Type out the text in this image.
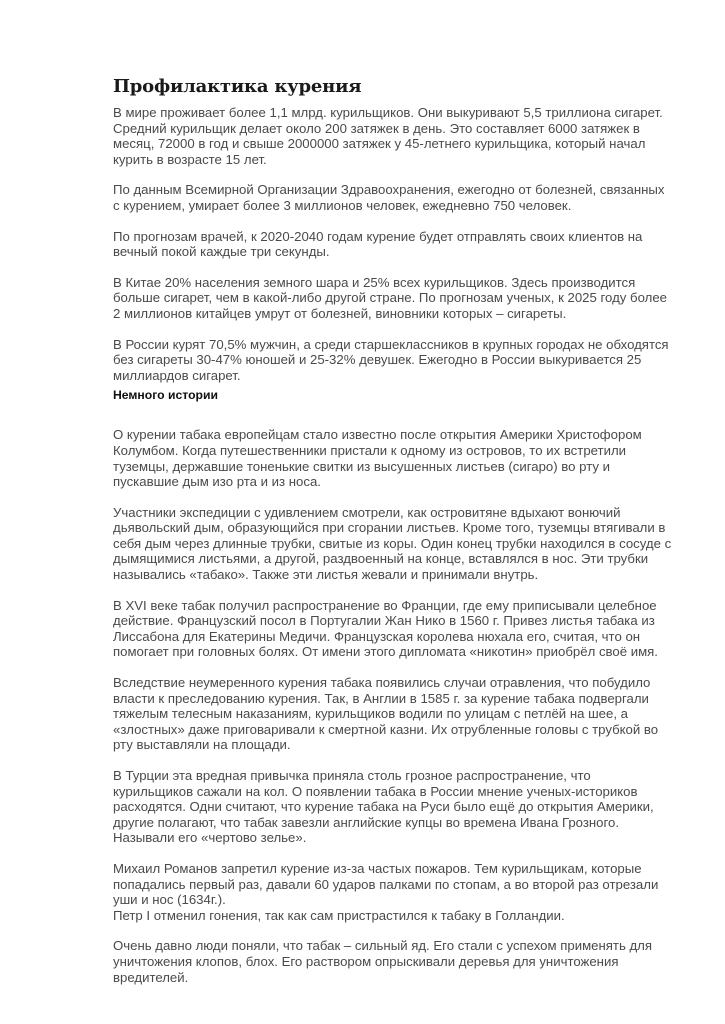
Профилактика курения

В мире проживает более 1,1 млрд. курильщиков. Они выкуривают 5,5 триллиона сигарет. Средний курильщик делает около 200 затяжек в день. Это составляет 6000 затяжек в месяц, 72000 в год и свыше 2000000 затяжек у 45-летнего курильщика, который начал курить в возрасте 15 лет.

По данным Всемирной Организации Здравоохранения, ежегодно от болезней, связанных с курением, умирает более 3 миллионов человек, ежедневно 750 человек.

По прогнозам врачей, к 2020-2040 годам курение будет отправлять своих клиентов на вечный покой каждые три секунды.

В Китае 20% населения земного шара и 25% всех курильщиков. Здесь производится больше сигарет, чем в какой-либо другой стране. По прогнозам ученых, к 2025 году более 2 миллионов китайцев умрут от болезней, виновники которых – сигареты.

В России курят 70,5% мужчин, а среди старшеклассников в крупных городах не обходятся без сигареты 30-47% юношей и 25-32% девушек. Ежегодно в России выкуривается 25 миллиардов сигарет.

Немного истории

О курении табака европейцам стало известно после открытия Америки Христофором Колумбом. Когда путешественники пристали к одному из островов, то их встретили туземцы, державшие тоненькие свитки из высушенных листьев (сигаро) во рту и пускавшие дым изо рта и из носа.

Участники экспедиции с удивлением смотрели, как островитяне вдыхают вонючий дьявольский дым, образующийся при сгорании листьев. Кроме того, туземцы втягивали в себя дым через длинные трубки, свитые из коры. Один конец трубки находился в сосуде с дымящимися листьями, а другой, раздвоенный на конце, вставлялся в нос. Эти трубки назывались «табако». Также эти листья жевали и принимали внутрь.

В XVI веке табак получил распространение во Франции, где ему приписывали целебное действие. Французский посол в Португалии Жан Нико в 1560 г. Привез листья табака из Лиссабона для Екатерины Медичи. Французская королева нюхала его, считая, что он помогает при головных болях. От имени этого дипломата «никотин» приобрёл своё имя.

Вследствие неумеренного курения табака появились случаи отравления, что побудило власти к преследованию курения. Так, в Англии в 1585 г. за курение табака подвергали тяжелым телесным наказаниям, курильщиков водили по улицам с петлёй на шее, а «злостных» даже приговаривали к смертной казни. Их отрубленные головы с трубкой во рту выставляли на площади.

В Турции эта вредная привычка приняла столь грозное распространение, что курильщиков сажали на кол. О появлении табака в России мнение ученых-историков расходятся. Одни считают, что курение табака на Руси было ещё до открытия Америки, другие полагают, что табак завезли английские купцы во времена Ивана Грозного. Называли его «чертово зелье».

Михаил Романов запретил курение из-за частых пожаров. Тем курильщикам, которые попадались первый раз, давали 60 ударов палками по стопам, а во второй раз отрезали уши и нос (1634г.).

Петр I отменил гонения, так как сам пристрастился к табаку в Голландии.

Очень давно люди поняли, что табак – сильный яд. Его стали с успехом применять для уничтожения клопов, блох. Его раствором опрыскивали деревья для уничтожения вредителей.
